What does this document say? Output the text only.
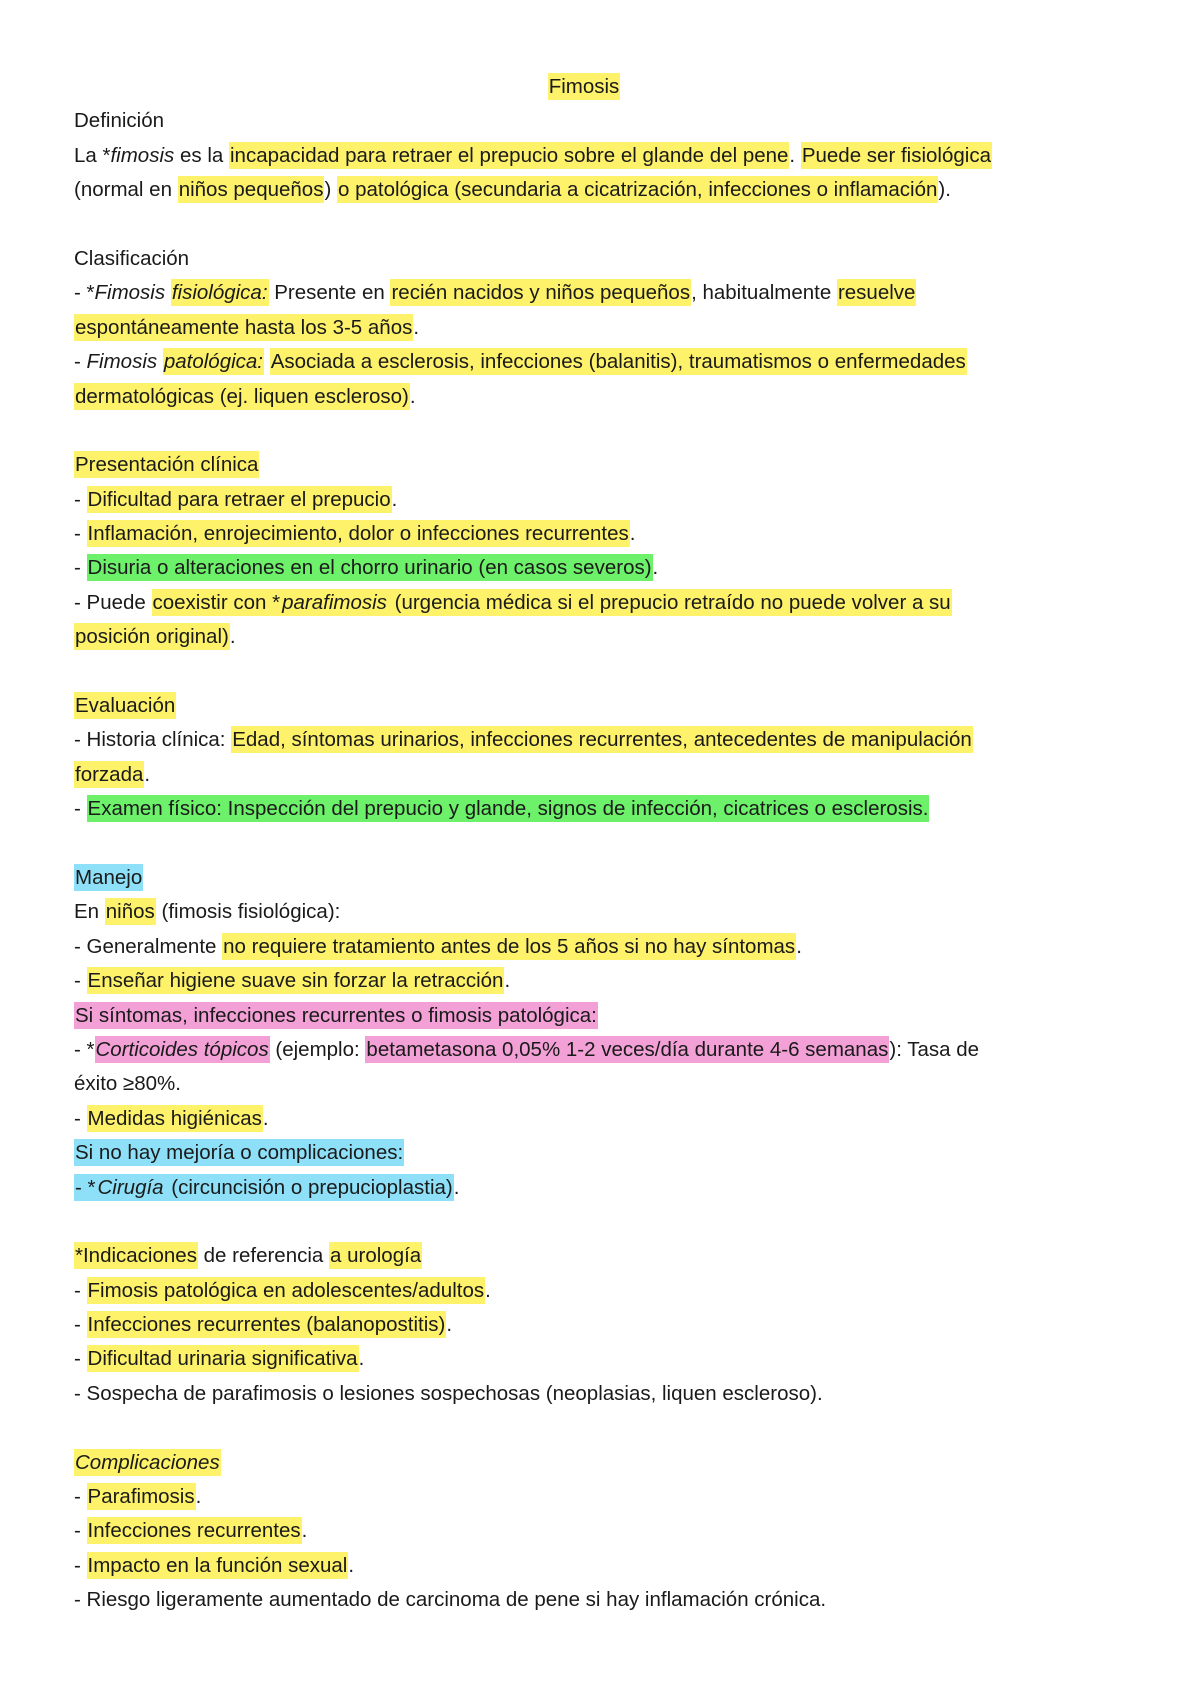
Fimosis
Definición
La *fimosis es la incapacidad para retraer el prepucio sobre el glande del pene. Puede ser fisiológica
(normal en niños pequeños) o patológica (secundaria a cicatrización, infecciones o inflamación).
Clasificación
- *Fimosis fisiológica: Presente en recién nacidos y niños pequeños, habitualmente resuelve
espontáneamente hasta los 3-5 años.
- Fimosis patológica: Asociada a esclerosis, infecciones (balanitis), traumatismos o enfermedades
dermatológicas (ej. liquen escleroso).
Presentación clínica
- Dificultad para retraer el prepucio.
- Inflamación, enrojecimiento, dolor o infecciones recurrentes.
- Disuria o alteraciones en el chorro urinario (en casos severos).
- Puede coexistir con *parafimosis (urgencia médica si el prepucio retraído no puede volver a su
posición original).
Evaluación
- Historia clínica: Edad, síntomas urinarios, infecciones recurrentes, antecedentes de manipulación
forzada.
- Examen físico: Inspección del prepucio y glande, signos de infección, cicatrices o esclerosis.
Manejo
En niños (fimosis fisiológica):
- Generalmente no requiere tratamiento antes de los 5 años si no hay síntomas.
- Enseñar higiene suave sin forzar la retracción.
Si síntomas, infecciones recurrentes o fimosis patológica:
- *Corticoides tópicos (ejemplo: betametasona 0,05% 1-2 veces/día durante 4-6 semanas): Tasa de
éxito ≥80%.
- Medidas higiénicas.
Si no hay mejoría o complicaciones:
- *Cirugía (circuncisión o prepucioplastia).
*Indicaciones de referencia a urología
- Fimosis patológica en adolescentes/adultos.
- Infecciones recurrentes (balanopostitis).
- Dificultad urinaria significativa.
- Sospecha de parafimosis o lesiones sospechosas (neoplasias, liquen escleroso).
Complicaciones
- Parafimosis.
- Infecciones recurrentes.
- Impacto en la función sexual.
- Riesgo ligeramente aumentado de carcinoma de pene si hay inflamación crónica.
